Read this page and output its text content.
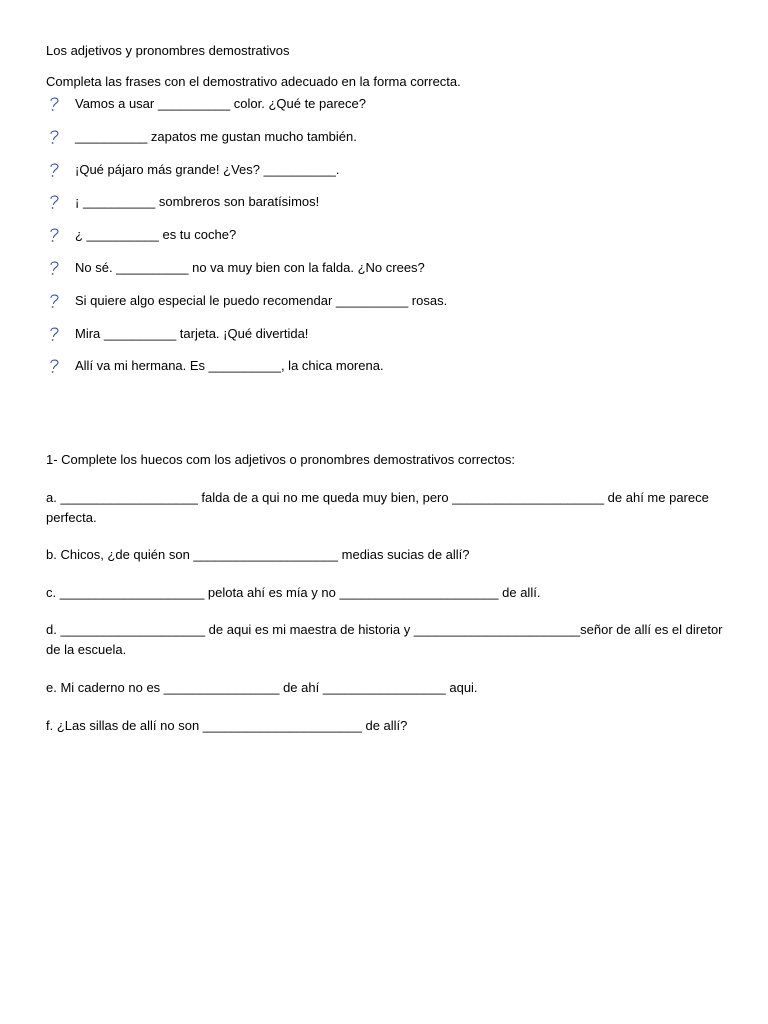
Los adjetivos y pronombres demostrativos
Completa las frases con el demostrativo adecuado en la forma correcta.
Vamos a usar __________ color. ¿Qué te parece?
__________ zapatos me gustan mucho también.
¡Qué pájaro más grande! ¿Ves? __________.
¡ __________ sombreros son baratísimos!
¿ __________ es tu coche?
No sé. __________ no va muy bien con la falda. ¿No crees?
Si quiere algo especial le puedo recomendar __________ rosas.
Mira __________ tarjeta. ¡Qué divertida!
Allí va mi hermana. Es __________, la chica morena.
1- Complete los huecos com los adjetivos o pronombres demostrativos correctos:
a. ___________________ falda de a qui no me queda muy bien, pero _____________________ de ahí me parece perfecta.
b. Chicos, ¿de quién son ____________________ medias sucias de allí?
c. ____________________ pelota ahí es mía y no ______________________ de allí.
d. ____________________ de aqui es mi maestra de historia y _______________________señor de allí es el diretor de la escuela.
e. Mi caderno no es ________________ de ahí _________________ aqui.
f. ¿Las sillas de allí no son ______________________ de allí?
